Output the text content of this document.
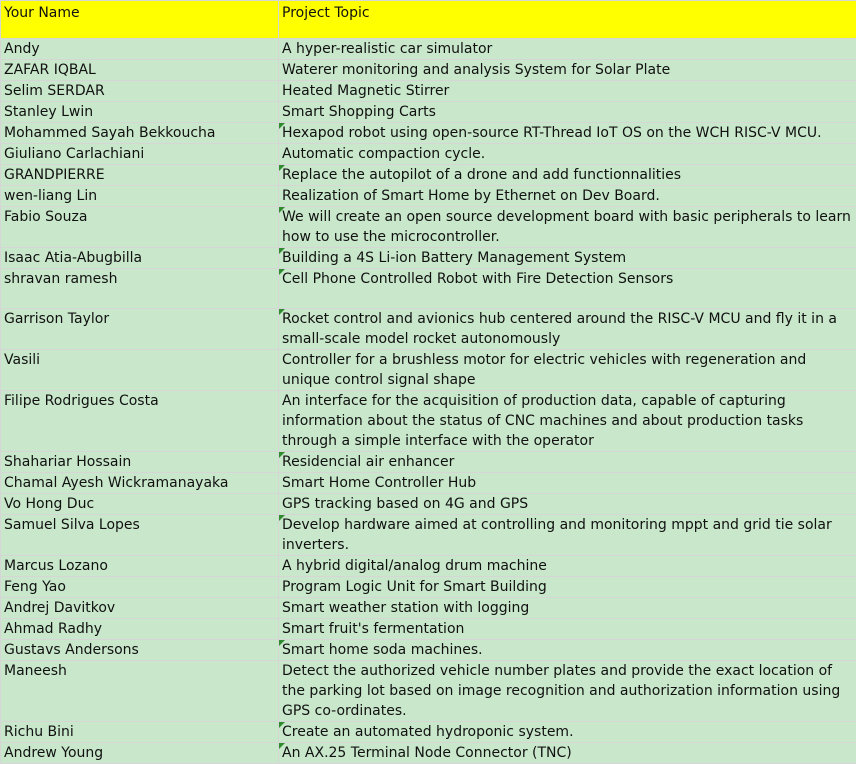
Your Name	Project Topic
Andy	A hyper-realistic car simulator
ZAFAR IQBAL	Waterer monitoring and analysis System for Solar Plate
Selim SERDAR	Heated Magnetic Stirrer
Stanley Lwin	Smart Shopping Carts
Mohammed Sayah Bekkoucha	Hexapod robot using open-source RT-Thread IoT OS on the WCH RISC-V MCU.

Giuliano Carlachiani	Automatic compaction cycle.
GRANDPIERRE	Replace the autopilot of a drone and add functionnalities

wen-liang Lin	Realization of Smart Home by Ethernet on Dev Board.
Fabio Souza	We will create an open source development board with basic peripherals to learn how to use the microcontroller.

Isaac Atia-Abugbilla	Building a 4S Li-ion Battery Management System

shravan ramesh	Cell Phone Controlled Robot with Fire Detection Sensors

Garrison Taylor	Rocket control and avionics hub centered around the RISC-V MCU and fly it in a small-scale model rocket autonomously

Vasili	Controller for a brushless motor for electric vehicles with regeneration and unique control signal shape
Filipe Rodrigues Costa	An interface for the acquisition of production data, capable of capturing information about the status of CNC machines and about production tasks through a simple interface with the operator
Shahariar Hossain	Residencial air enhancer

Chamal Ayesh Wickramanayaka	Smart Home Controller Hub
Vo Hong Duc	GPS tracking based on 4G and GPS
Samuel Silva Lopes	Develop hardware aimed at controlling and monitoring mppt and grid tie solar inverters.

Marcus Lozano	A hybrid digital/analog drum machine
Feng Yao	Program Logic Unit for Smart Building
Andrej Davitkov	Smart weather station with logging
Ahmad Radhy	Smart fruit's fermentation
Gustavs Andersons	Smart home soda machines.

Maneesh	Detect the authorized vehicle number plates and provide the exact location of the parking lot based on image recognition and authorization information using GPS co-ordinates.
Richu Bini	Create an automated hydroponic system.

Andrew Young	An AX.25 Terminal Node Connector (TNC)
